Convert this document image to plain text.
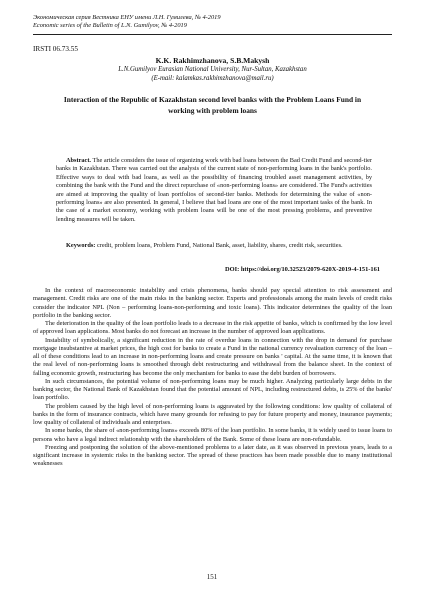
Экономическая серия Вестника ЕНУ имени Л.Н. Гумилева, № 4-2019
Economic series of the Bulletin of L.N. Gumilyov, № 4-2019
IRSTI 06.73.55
K.K. Rakhimzhanova, S.B.Makysh
L.N.Gumilyov Eurasian National University, Nur-Sultan, Kazakhstan
(E-mail: kalamkas.rakhimzhanova@mail.ru)
Interaction of the Republic of Kazakhstan second level banks with the Problem Loans Fund in working with problem loans

Abstract. The article considers the issue of organizing work with bad loans between the Bad Credit Fund and second-tier banks in Kazakhstan. There was carried out the analysis of the current state of non-performing loans in the bank's portfolio. Effective ways to deal with bad loans, as well as the possibility of financing troubled asset management activities, by combining the bank with the Fund and the direct repurchase of «non-performing loans» are considered. The Fund's activities are aimed at improving the quality of loan portfolios of second-tier banks. Methods for determining the value of «non-performing loans» are also presented. In general, I believe that bad loans are one of the most important tasks of the bank. In the case of a market economy, working with problem loans will be one of the most pressing problems, and preventive lending measures will be taken.

Keywords: credit, problem loans, Problem Fund, National Bank, asset, liability, shares, credit risk, securities.

DOI: https://doi.org/10.32523/2079-620X-2019-4-151-161

In the context of macroeconomic instability and crisis phenomena, banks should pay special attention to risk assessment and management. Credit risks are one of the main risks in the banking sector. Experts and professionals among the main levels of credit risks consider the indicator NPL (Non – performing loans-non-performing and toxic loans). This indicator determines the quality of the loan portfolio in the banking sector.

The deterioration in the quality of the loan portfolio leads to a decrease in the risk appetite of banks, which is confirmed by the low level of approved loan applications. Most banks do not forecast an increase in the number of approved loan applications.

Instability of symbolically, a significant reduction in the rate of overdue loans in connection with the drop in demand for purchase mortgage insubstantive at market prices, the high cost for banks to create a Fund in the national currency revaluation currency of the loan – all of these conditions lead to an increase in non-performing loans and create pressure on banks ' capital. At the same time, it is known that the real level of non-performing loans is smoothed through debt restructuring and withdrawal from the balance sheet. In the context of falling economic growth, restructuring has become the only mechanism for banks to ease the debt burden of borrowers.

In such circumstances, the potential volume of non-performing loans may be much higher. Analyzing particularly large debts in the banking sector, the National Bank of Kazakhstan found that the potential amount of NPL, including restructured debts, is 25% of the banks' loan portfolio.

The problem caused by the high level of non-performing loans is aggravated by the following conditions: low quality of collateral of banks in the form of insurance contracts, which have many grounds for refusing to pay for future property and money, insurance payments; low quality of collateral of individuals and enterprises.

In some banks, the share of «non-performing loans» exceeds 80% of the loan portfolio. In some banks, it is widely used to issue loans to persons who have a legal indirect relationship with the shareholders of the Bank. Some of these loans are non-refundable.

Freezing and postponing the solution of the above-mentioned problems to a later date, as it was observed in previous years, leads to a significant increase in systemic risks in the banking sector. The spread of these practices has been made possible due to many institutional weaknesses

151
